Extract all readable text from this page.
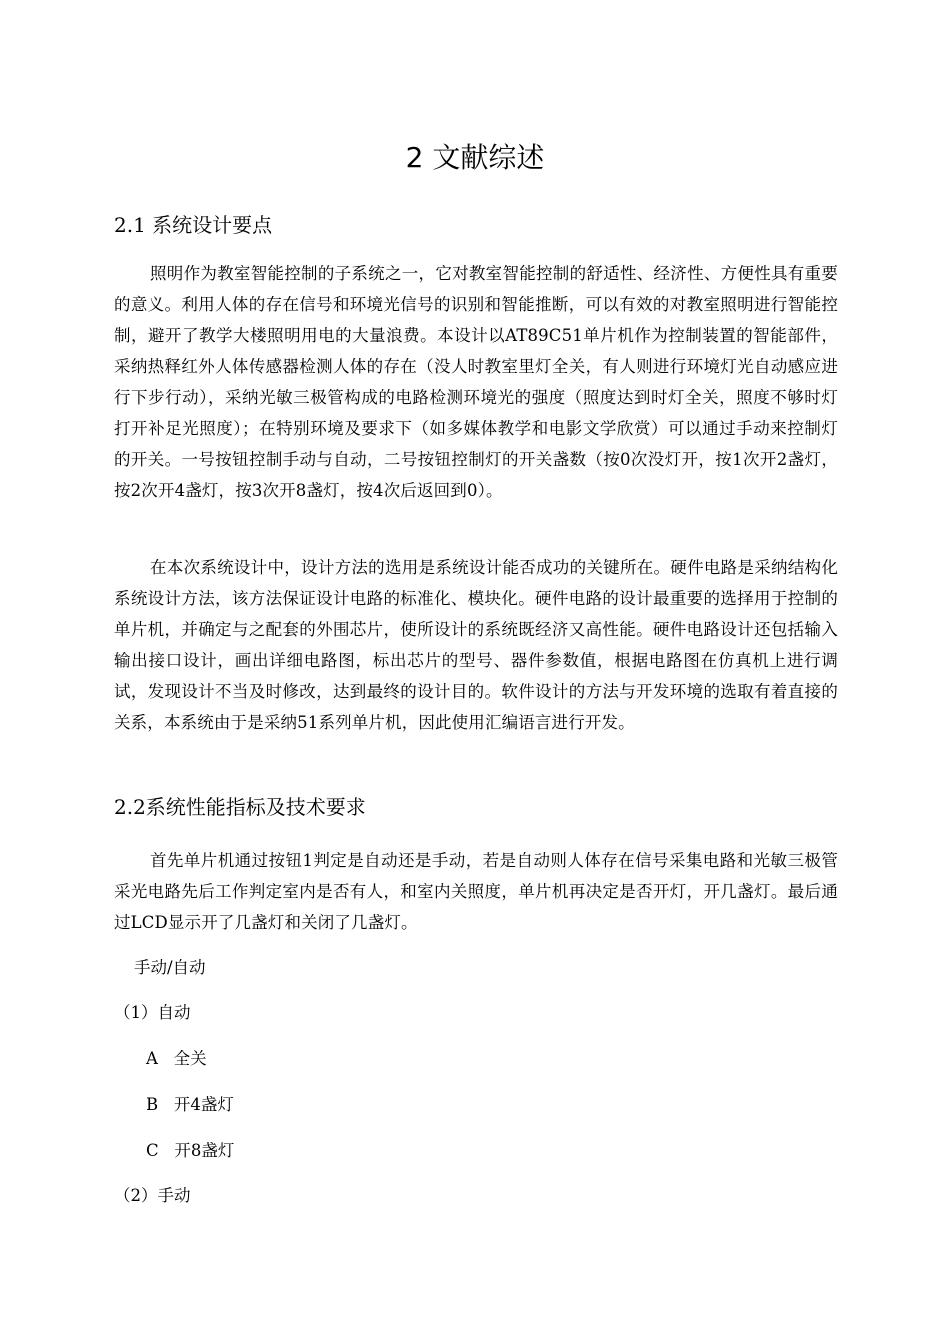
2 文献综述
2.1 系统设计要点

照明作为教室智能控制的子系统之一，它对教室智能控制的舒适性、经济性、方便性具有重要的意义。利用人体的存在信号和环境光信号的识别和智能推断，可以有效的对教室照明进行智能控制，避开了教学大楼照明用电的大量浪费。本设计以AT89C51单片机作为控制装置的智能部件，采纳热释红外人体传感器检测人体的存在（没人时教室里灯全关，有人则进行环境灯光自动感应进行下步行动），采纳光敏三极管构成的电路检测环境光的强度（照度达到时灯全关，照度不够时灯打开补足光照度）；在特别环境及要求下（如多媒体教学和电影文学欣赏）可以通过手动来控制灯的开关。一号按钮控制手动与自动，二号按钮控制灯的开关盏数（按0次没灯开，按1次开2盏灯，按2次开4盏灯，按3次开8盏灯，按4次后返回到0）。

在本次系统设计中，设计方法的选用是系统设计能否成功的关键所在。硬件电路是采纳结构化系统设计方法，该方法保证设计电路的标准化、模块化。硬件电路的设计最重要的选择用于控制的单片机，并确定与之配套的外围芯片，使所设计的系统既经济又高性能。硬件电路设计还包括输入输出接口设计，画出详细电路图，标出芯片的型号、器件参数值，根据电路图在仿真机上进行调试，发现设计不当及时修改，达到最终的设计目的。软件设计的方法与开发环境的选取有着直接的关系，本系统由于是采纳51系列单片机，因此使用汇编语言进行开发。

2.2系统性能指标及技术要求

首先单片机通过按钮1判定是自动还是手动，若是自动则人体存在信号采集电路和光敏三极管采光电路先后工作判定室内是否有人，和室内关照度，单片机再决定是否开灯，开几盏灯。最后通过LCD显示开了几盏灯和关闭了几盏灯。

手动/自动
（1）自动
A   全关
B   开4盏灯
C   开8盏灯
（2）手动
